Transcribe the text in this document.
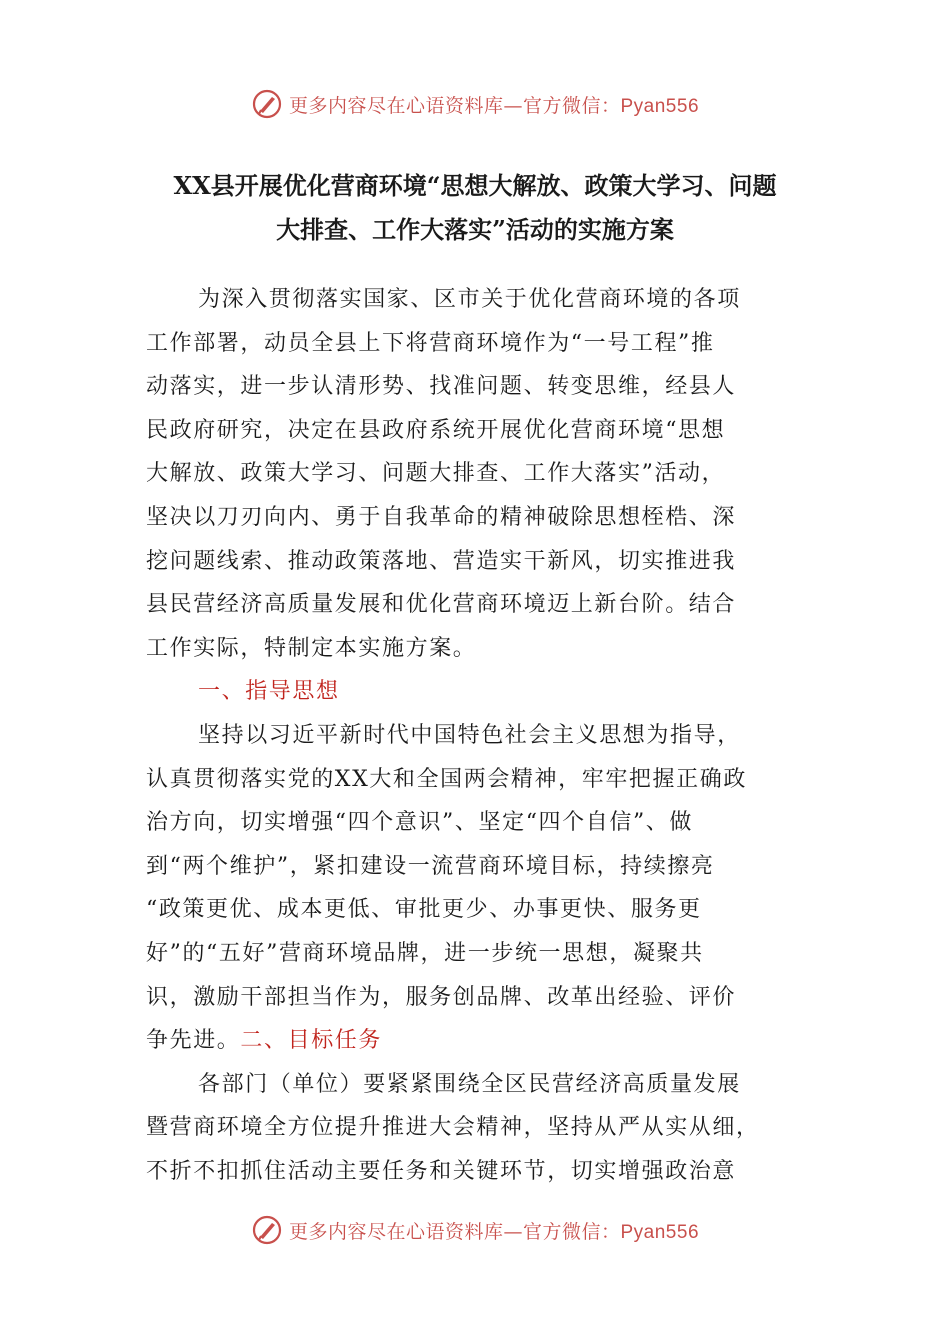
更多内容尽在心语资料库—官方微信：Pyan556
XX县开展优化营商环境“思想大解放、政策大学习、问题
大排查、工作大落实”活动的实施方案
为深入贯彻落实国家、区市关于优化营商环境的各项
工作部署，动员全县上下将营商环境作为“一号工程”推
动落实，进一步认清形势、找准问题、转变思维，经县人
民政府研究，决定在县政府系统开展优化营商环境“思想
大解放、政策大学习、问题大排查、工作大落实”活动，
坚决以刀刃向内、勇于自我革命的精神破除思想桎梏、深
挖问题线索、推动政策落地、营造实干新风，切实推进我
县民营经济高质量发展和优化营商环境迈上新台阶。结合
工作实际，特制定本实施方案。
一、指导思想
坚持以习近平新时代中国特色社会主义思想为指导，
认真贯彻落实党的XX大和全国两会精神，牢牢把握正确政
治方向，切实增强“四个意识”、坚定“四个自信”、做
到“两个维护”，紧扣建设一流营商环境目标，持续擦亮
“政策更优、成本更低、审批更少、办事更快、服务更
好”的“五好”营商环境品牌，进一步统一思想，凝聚共
识，激励干部担当作为，服务创品牌、改革出经验、评价
争先进。二、目标任务
各部门（单位）要紧紧围绕全区民营经济高质量发展
暨营商环境全方位提升推进大会精神，坚持从严从实从细，
不折不扣抓住活动主要任务和关键环节，切实增强政治意
更多内容尽在心语资料库—官方微信：Pyan556
